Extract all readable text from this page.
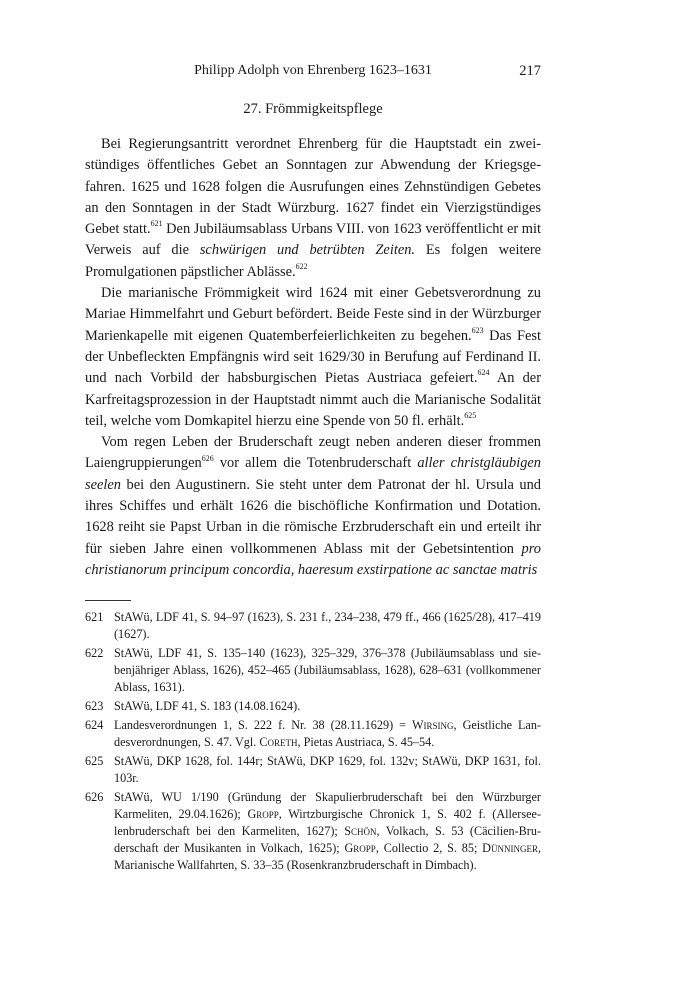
Philipp Adolph von Ehrenberg 1623–1631	217
27. Frömmigkeitspflege

Bei Regierungsantritt verordnet Ehrenberg für die Hauptstadt ein zweistündiges öffentliches Gebet an Sonntagen zur Abwendung der Kriegsgefahren. 1625 und 1628 folgen die Ausrufungen eines Zehnstündigen Gebetes an den Sonntagen in der Stadt Würzburg. 1627 findet ein Vierzigstündiges Gebet statt.$^{621}$ Den Jubiläumsablass Urbans VIII. von 1623 veröffentlicht er mit Verweis auf die schwürigen und betrübten Zeiten. Es folgen weitere Promulgationen päpstlicher Ablässe.$^{622}$

Die marianische Frömmigkeit wird 1624 mit einer Gebetsverordnung zu Mariae Himmelfahrt und Geburt befördert. Beide Feste sind in der Würzburger Marienkapelle mit eigenen Quatemberfeierlichkeiten zu begehen.$^{623}$ Das Fest der Unbefleckten Empfängnis wird seit 1629/30 in Berufung auf Ferdinand II. und nach Vorbild der habsburgischen Pietas Austriaca gefeiert.$^{624}$ An der Karfreitagsprozession in der Hauptstadt nimmt auch die Marianische Sodalität teil, welche vom Domkapitel hierzu eine Spende von 50 fl. erhält.$^{625}$

Vom regen Leben der Bruderschaft zeugt neben anderen dieser frommen Laiengruppierungen$^{626}$ vor allem die Totenbruderschaft aller christgläubigen seelen bei den Augustinern. Sie steht unter dem Patronat der hl. Ursula und ihres Schiffes und erhält 1626 die bischöfliche Konfirmation und Dotation. 1628 reiht sie Papst Urban in die römische Erzbruderschaft ein und erteilt ihr für sieben Jahre einen vollkommenen Ablass mit der Gebetsintention pro christianorum principum concordia, haeresum exstirpatione ac sanctae matris

621 StAWü, LDF 41, S. 94–97 (1623), S. 231 f., 234–238, 479 ff., 466 (1625/28), 417–419 (1627).
622 StAWü, LDF 41, S. 135–140 (1623), 325–329, 376–378 (Jubiläumsablass und siebenjähriger Ablass, 1626), 452–465 (Jubiläumsablass, 1628), 628–631 (vollkommener Ablass, 1631).
623 StAWü, LDF 41, S. 183 (14.08.1624).
624 Landesverordnungen 1, S. 222 f. Nr. 38 (28.11.1629) = Wirsing, Geistliche Landesverordnungen, S. 47. Vgl. Coreth, Pietas Austriaca, S. 45–54.
625 StAWü, DKP 1628, fol. 144r; StAWü, DKP 1629, fol. 132v; StAWü, DKP 1631, fol. 103r.
626 StAWü, WU 1/190 (Gründung der Skapulierbruderschaft bei den Würzburger Karmeliten, 29.04.1626); Gropp, Wirtzburgische Chronick 1, S. 402 f. (Allerseelenbruderschaft bei den Karmeliten, 1627); Schön, Volkach, S. 53 (Cäcilien-Bruderschaft der Musikanten in Volkach, 1625); Gropp, Collectio 2, S. 85; Dünninger, Marianische Wallfahrten, S. 33–35 (Rosenkranzbruderschaft in Dimbach).
